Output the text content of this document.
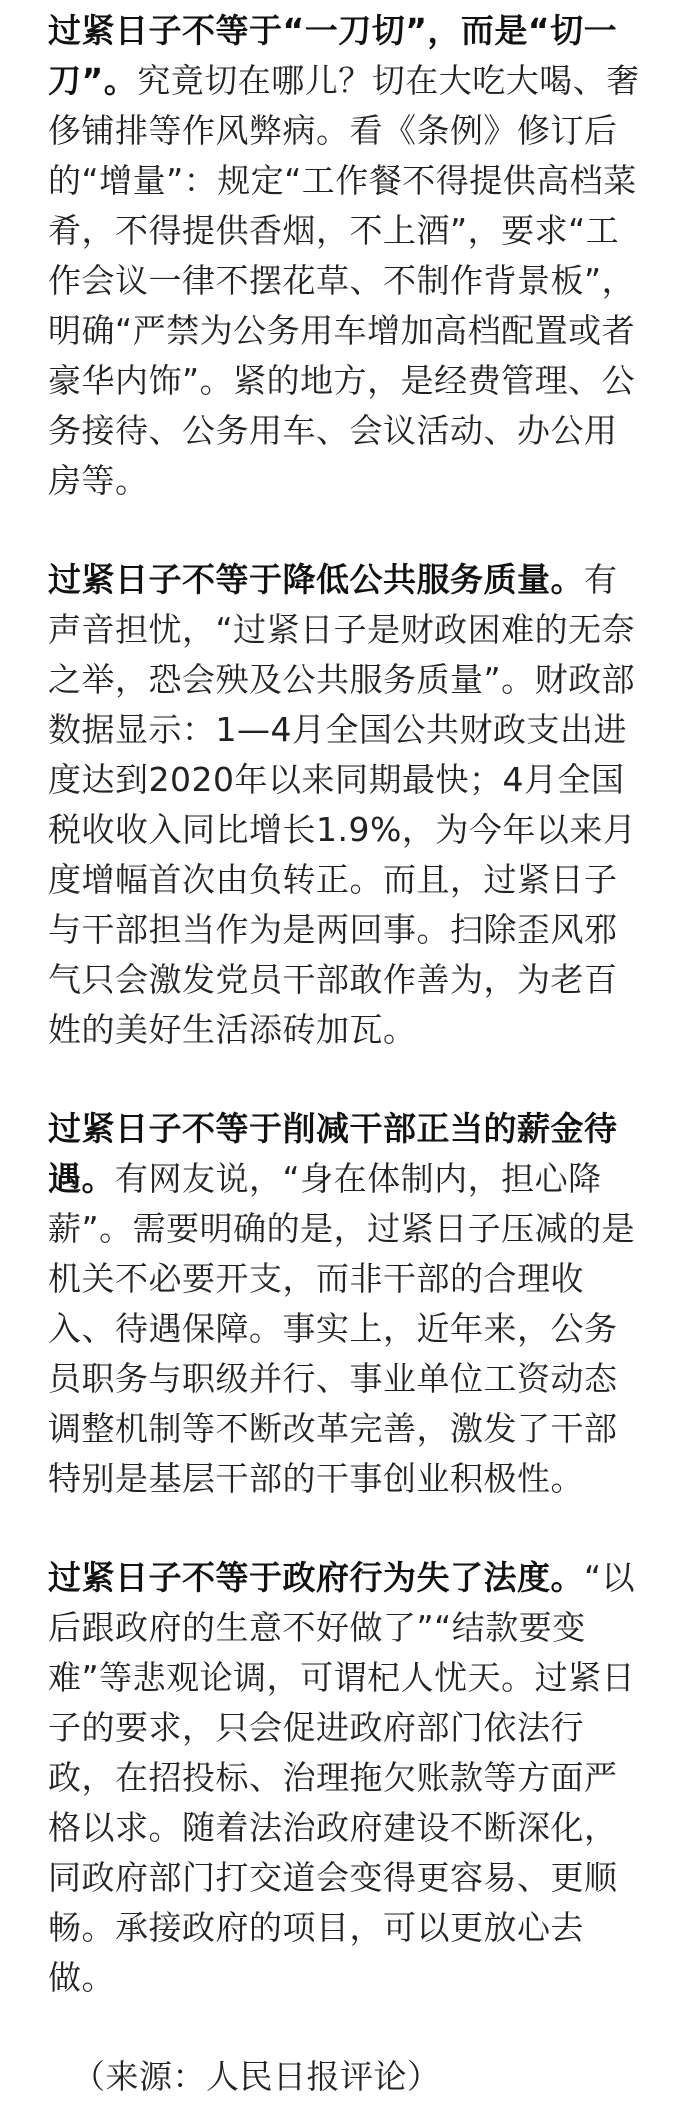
过紧日子不等于“一刀切”，而是“切一刀”。究竟切在哪儿？切在大吃大喝、奢侈铺排等作风弊病。看《条例》修订后的“增量”：规定“工作餐不得提供高档菜肴，不得提供香烟，不上酒”，要求“工作会议一律不摆花草、不制作背景板”，明确“严禁为公务用车增加高档配置或者豪华内饰”。紧的地方，是经费管理、公务接待、公务用车、会议活动、办公用房等。

过紧日子不等于降低公共服务质量。有声音担忧，“过紧日子是财政困难的无奈之举，恐会殃及公共服务质量”。财政部数据显示：1—4月全国公共财政支出进度达到2020年以来同期最快；4月全国税收收入同比增长1.9%，为今年以来月度增幅首次由负转正。而且，过紧日子与干部担当作为是两回事。扫除歪风邪气只会激发党员干部敢作善为，为老百姓的美好生活添砖加瓦。

过紧日子不等于削减干部正当的薪金待遇。有网友说，“身在体制内，担心降薪”。需要明确的是，过紧日子压减的是机关不必要开支，而非干部的合理收入、待遇保障。事实上，近年来，公务员职务与职级并行、事业单位工资动态调整机制等不断改革完善，激发了干部特别是基层干部的干事创业积极性。

过紧日子不等于政府行为失了法度。“以后跟政府的生意不好做了”“结款要变难”等悲观论调，可谓杞人忧天。过紧日子的要求，只会促进政府部门依法行政，在招投标、治理拖欠账款等方面严格以求。随着法治政府建设不断深化，同政府部门打交道会变得更容易、更顺畅。承接政府的项目，可以更放心去做。

（来源：人民日报评论）
